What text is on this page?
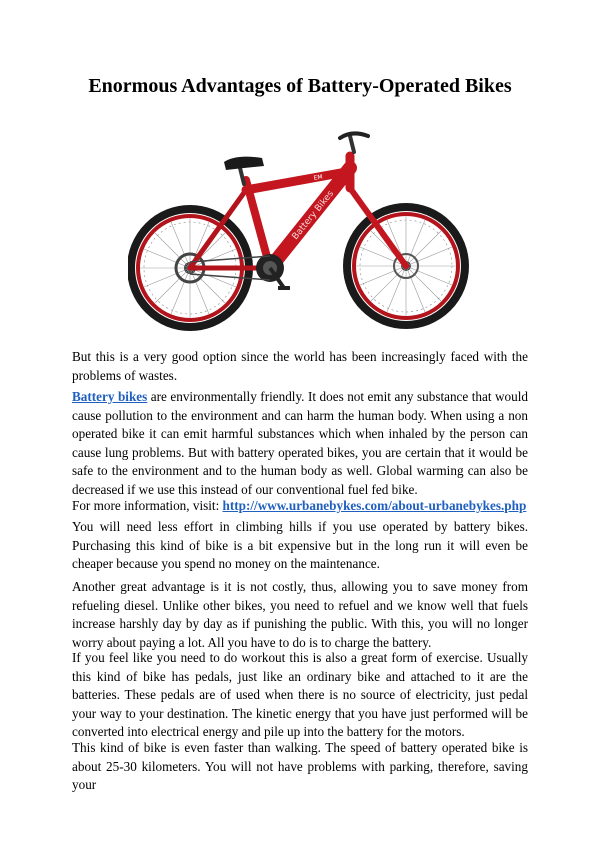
Enormous Advantages of Battery-Operated Bikes
Battery Bikes
EM
But this is a very good option since the world has been increasingly faced with the problems of wastes.
Battery bikes are environmentally friendly. It does not emit any substance that would cause pollution to the environment and can harm the human body. When using a non operated bike it can emit harmful substances which when inhaled by the person can cause lung problems. But with battery operated bikes, you are certain that it would be safe to the environment and to the human body as well. Global warming can also be decreased if we use this instead of our conventional fuel fed bike.
For more information, visit: http://www.urbanebykes.com/about-urbanebykes.php
You will need less effort in climbing hills if you use operated by battery bikes. Purchasing this kind of bike is a bit expensive but in the long run it will even be cheaper because you spend no money on the maintenance.
Another great advantage is it is not costly, thus, allowing you to save money from refueling diesel. Unlike other bikes, you need to refuel and we know well that fuels increase harshly day by day as if punishing the public. With this, you will no longer worry about paying a lot. All you have to do is to charge the battery.
If you feel like you need to do workout this is also a great form of exercise. Usually this kind of bike has pedals, just like an ordinary bike and attached to it are the batteries. These pedals are of used when there is no source of electricity, just pedal your way to your destination. The kinetic energy that you have just performed will be converted into electrical energy and pile up into the battery for the motors.
This kind of bike is even faster than walking. The speed of battery operated bike is about 25-30 kilometers. You will not have problems with parking, therefore, saving your
